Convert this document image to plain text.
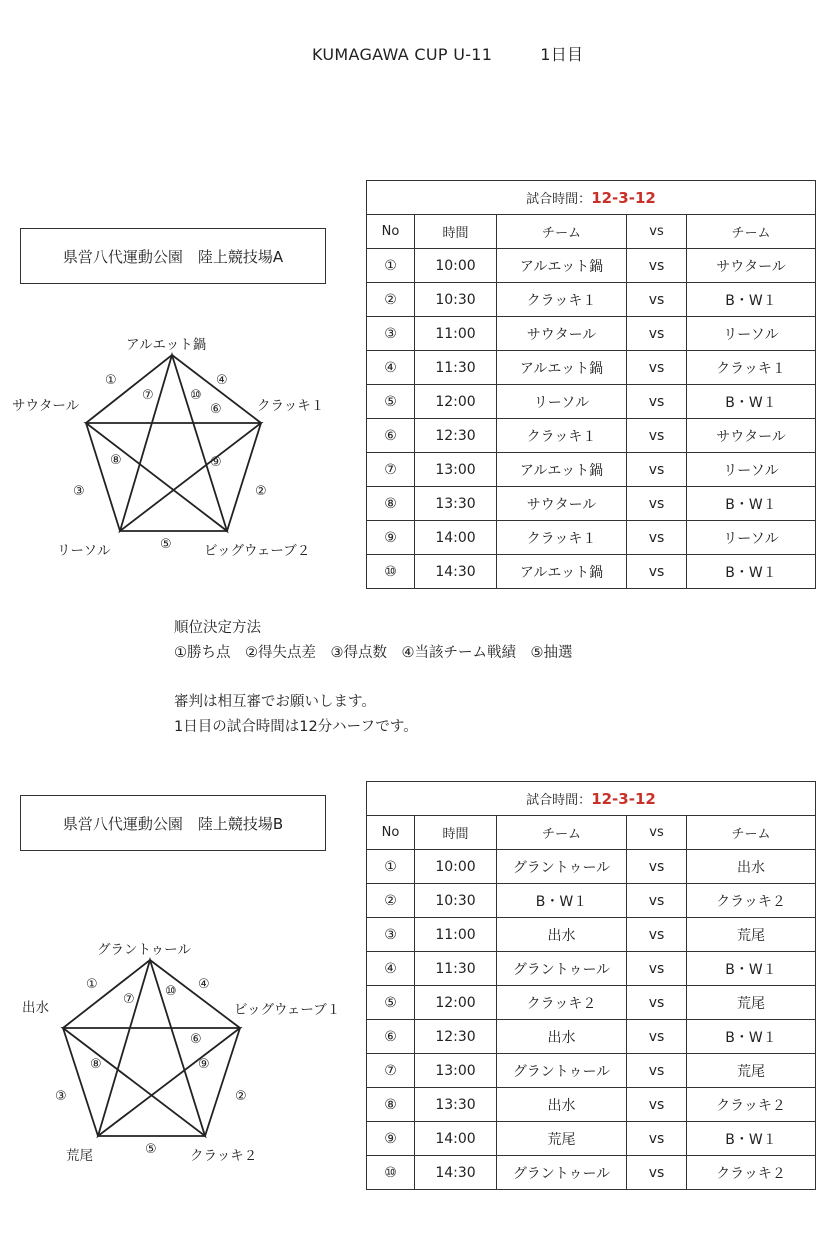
KUMAGAWA CUP U-11	1日目
県営八代運動公園　陸上競技場A
アルエット鍋
クラッキ１
ビッグウェーブ２
リーソル
サウタール
①
②
③
④
⑤
⑥
⑦
⑧	⑨
⑩
試合時間：12-3-12				
No	時間	チーム	vs	チーム
①	10:00	アルエット鍋	vs	サウタール
②	10:30	クラッキ１	vs	B・W１
③	11:00	サウタール	vs	リーソル
④	11:30	アルエット鍋	vs	クラッキ１
⑤	12:00	リーソル	vs	B・W１
⑥	12:30	クラッキ１	vs	サウタール
⑦	13:00	アルエット鍋	vs	リーソル
⑧	13:30	サウタール	vs	B・W１
⑨	14:00	クラッキ１	vs	リーソル
⑩	14:30	アルエット鍋	vs	B・W１
順位決定方法
①勝ち点　②得失点差　③得点数　④当該チーム戦績　⑤抽選
審判は相互審でお願いします。
1日目の試合時間は12分ハーフです。
県営八代運動公園　陸上競技場B
グラントゥール
ビッグウェーブ１
クラッキ２
荒尾
出水
①
②
③
④
⑤
⑥
⑦
⑧	⑨
⑩
試合時間：12-3-12				
No	時間	チーム	vs	チーム
①	10:00	グラントゥール	vs	出水
②	10:30	B・W１	vs	クラッキ２
③	11:00	出水	vs	荒尾
④	11:30	グラントゥール	vs	B・W１
⑤	12:00	クラッキ２	vs	荒尾
⑥	12:30	出水	vs	B・W１
⑦	13:00	グラントゥール	vs	荒尾
⑧	13:30	出水	vs	クラッキ２
⑨	14:00	荒尾	vs	B・W１
⑩	14:30	グラントゥール	vs	クラッキ２
